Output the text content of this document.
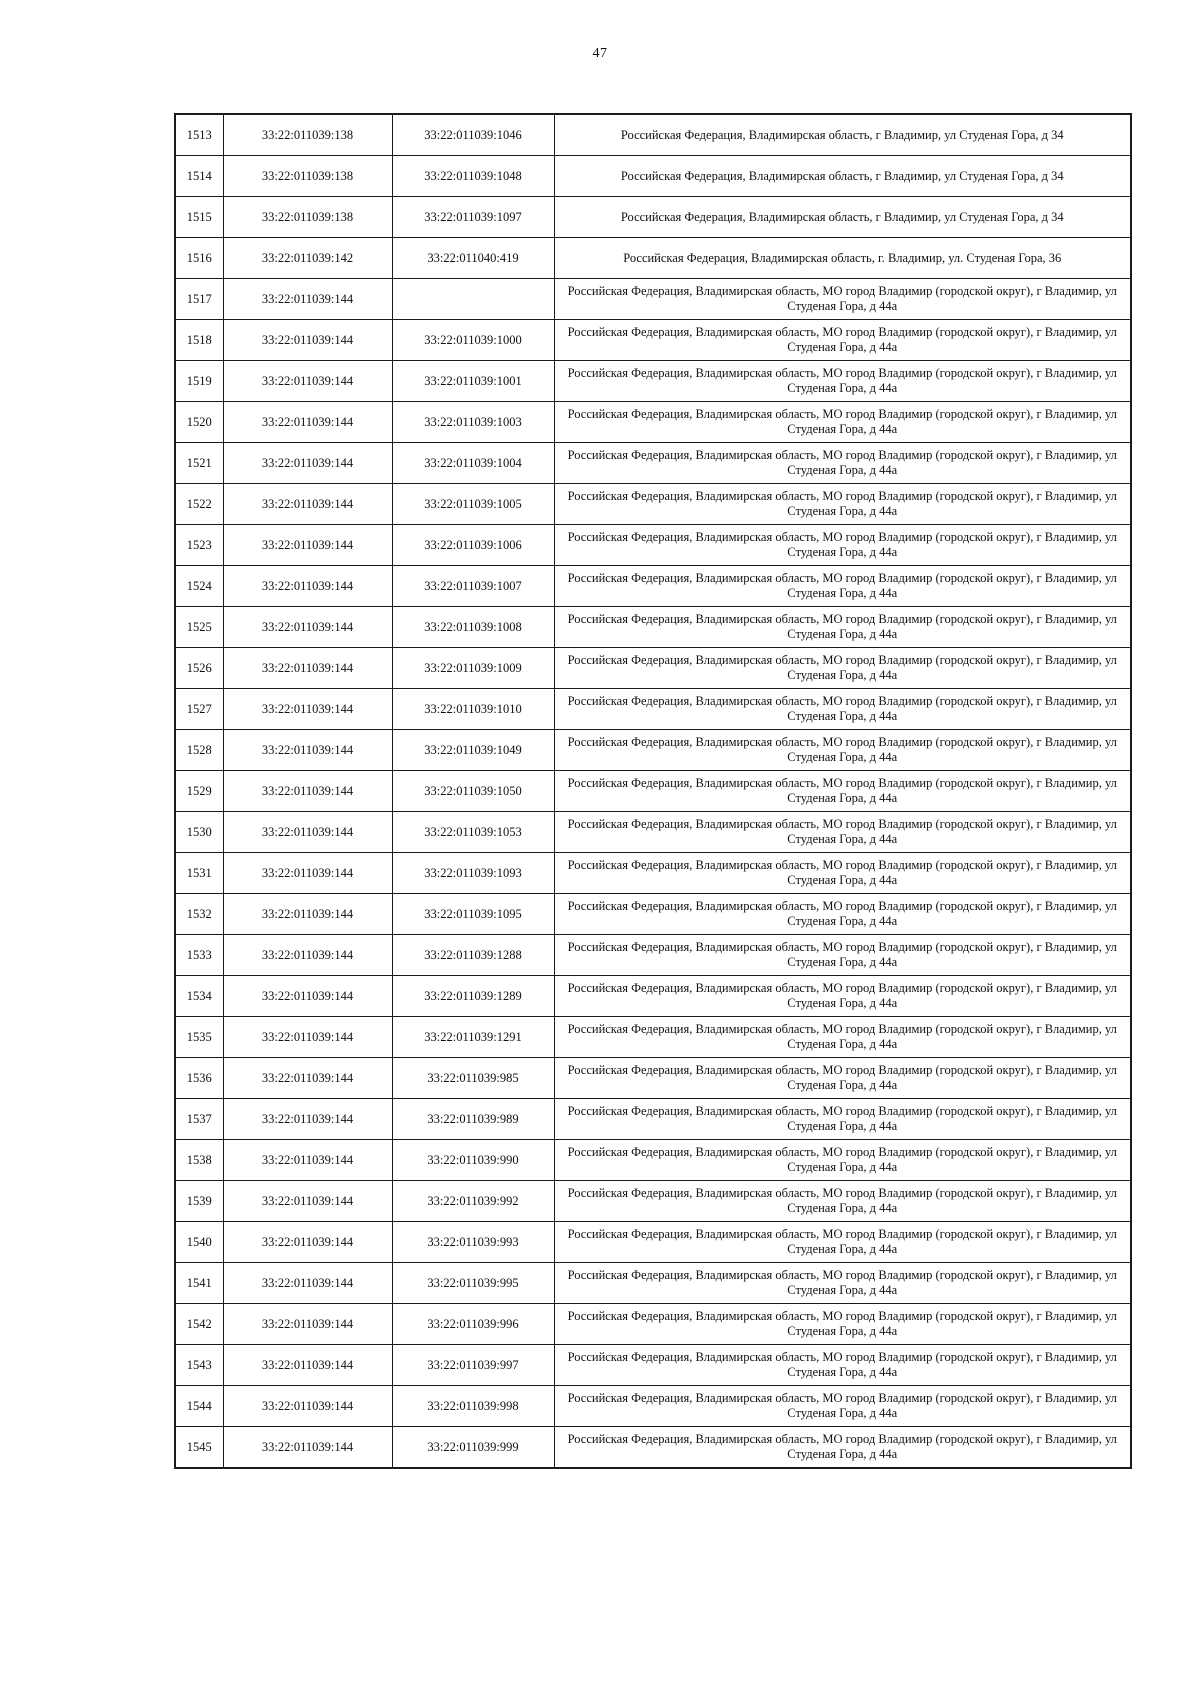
47
1513	33:22:011039:138	33:22:011039:1046	Российская Федерация, Владимирская область, г Владимир, ул Студеная Гора, д 34
1514	33:22:011039:138	33:22:011039:1048	Российская Федерация, Владимирская область, г Владимир, ул Студеная Гора, д 34
1515	33:22:011039:138	33:22:011039:1097	Российская Федерация, Владимирская область, г Владимир, ул Студеная Гора, д 34
1516	33:22:011039:142	33:22:011040:419	Российская Федерация, Владимирская область, г. Владимир, ул. Студеная Гора, 36
1517	33:22:011039:144		Российская Федерация, Владимирская область, МО город Владимир (городской округ), г Владимир, ул Студеная Гора, д 44а
1518	33:22:011039:144	33:22:011039:1000	Российская Федерация, Владимирская область, МО город Владимир (городской округ), г Владимир, ул Студеная Гора, д 44а
1519	33:22:011039:144	33:22:011039:1001	Российская Федерация, Владимирская область, МО город Владимир (городской округ), г Владимир, ул Студеная Гора, д 44а
1520	33:22:011039:144	33:22:011039:1003	Российская Федерация, Владимирская область, МО город Владимир (городской округ), г Владимир, ул Студеная Гора, д 44а
1521	33:22:011039:144	33:22:011039:1004	Российская Федерация, Владимирская область, МО город Владимир (городской округ), г Владимир, ул Студеная Гора, д 44а
1522	33:22:011039:144	33:22:011039:1005	Российская Федерация, Владимирская область, МО город Владимир (городской округ), г Владимир, ул Студеная Гора, д 44а
1523	33:22:011039:144	33:22:011039:1006	Российская Федерация, Владимирская область, МО город Владимир (городской округ), г Владимир, ул Студеная Гора, д 44а
1524	33:22:011039:144	33:22:011039:1007	Российская Федерация, Владимирская область, МО город Владимир (городской округ), г Владимир, ул Студеная Гора, д 44а
1525	33:22:011039:144	33:22:011039:1008	Российская Федерация, Владимирская область, МО город Владимир (городской округ), г Владимир, ул Студеная Гора, д 44а
1526	33:22:011039:144	33:22:011039:1009	Российская Федерация, Владимирская область, МО город Владимир (городской округ), г Владимир, ул Студеная Гора, д 44а
1527	33:22:011039:144	33:22:011039:1010	Российская Федерация, Владимирская область, МО город Владимир (городской округ), г Владимир, ул Студеная Гора, д 44а
1528	33:22:011039:144	33:22:011039:1049	Российская Федерация, Владимирская область, МО город Владимир (городской округ), г Владимир, ул Студеная Гора, д 44а
1529	33:22:011039:144	33:22:011039:1050	Российская Федерация, Владимирская область, МО город Владимир (городской округ), г Владимир, ул Студеная Гора, д 44а
1530	33:22:011039:144	33:22:011039:1053	Российская Федерация, Владимирская область, МО город Владимир (городской округ), г Владимир, ул Студеная Гора, д 44а
1531	33:22:011039:144	33:22:011039:1093	Российская Федерация, Владимирская область, МО город Владимир (городской округ), г Владимир, ул Студеная Гора, д 44а
1532	33:22:011039:144	33:22:011039:1095	Российская Федерация, Владимирская область, МО город Владимир (городской округ), г Владимир, ул Студеная Гора, д 44а
1533	33:22:011039:144	33:22:011039:1288	Российская Федерация, Владимирская область, МО город Владимир (городской округ), г Владимир, ул Студеная Гора, д 44а
1534	33:22:011039:144	33:22:011039:1289	Российская Федерация, Владимирская область, МО город Владимир (городской округ), г Владимир, ул Студеная Гора, д 44а
1535	33:22:011039:144	33:22:011039:1291	Российская Федерация, Владимирская область, МО город Владимир (городской округ), г Владимир, ул Студеная Гора, д 44а
1536	33:22:011039:144	33:22:011039:985	Российская Федерация, Владимирская область, МО город Владимир (городской округ), г Владимир, ул Студеная Гора, д 44а
1537	33:22:011039:144	33:22:011039:989	Российская Федерация, Владимирская область, МО город Владимир (городской округ), г Владимир, ул Студеная Гора, д 44а
1538	33:22:011039:144	33:22:011039:990	Российская Федерация, Владимирская область, МО город Владимир (городской округ), г Владимир, ул Студеная Гора, д 44а
1539	33:22:011039:144	33:22:011039:992	Российская Федерация, Владимирская область, МО город Владимир (городской округ), г Владимир, ул Студеная Гора, д 44а
1540	33:22:011039:144	33:22:011039:993	Российская Федерация, Владимирская область, МО город Владимир (городской округ), г Владимир, ул Студеная Гора, д 44а
1541	33:22:011039:144	33:22:011039:995	Российская Федерация, Владимирская область, МО город Владимир (городской округ), г Владимир, ул Студеная Гора, д 44а
1542	33:22:011039:144	33:22:011039:996	Российская Федерация, Владимирская область, МО город Владимир (городской округ), г Владимир, ул Студеная Гора, д 44а
1543	33:22:011039:144	33:22:011039:997	Российская Федерация, Владимирская область, МО город Владимир (городской округ), г Владимир, ул Студеная Гора, д 44а
1544	33:22:011039:144	33:22:011039:998	Российская Федерация, Владимирская область, МО город Владимир (городской округ), г Владимир, ул Студеная Гора, д 44а
1545	33:22:011039:144	33:22:011039:999	Российская Федерация, Владимирская область, МО город Владимир (городской округ), г Владимир, ул Студеная Гора, д 44а
